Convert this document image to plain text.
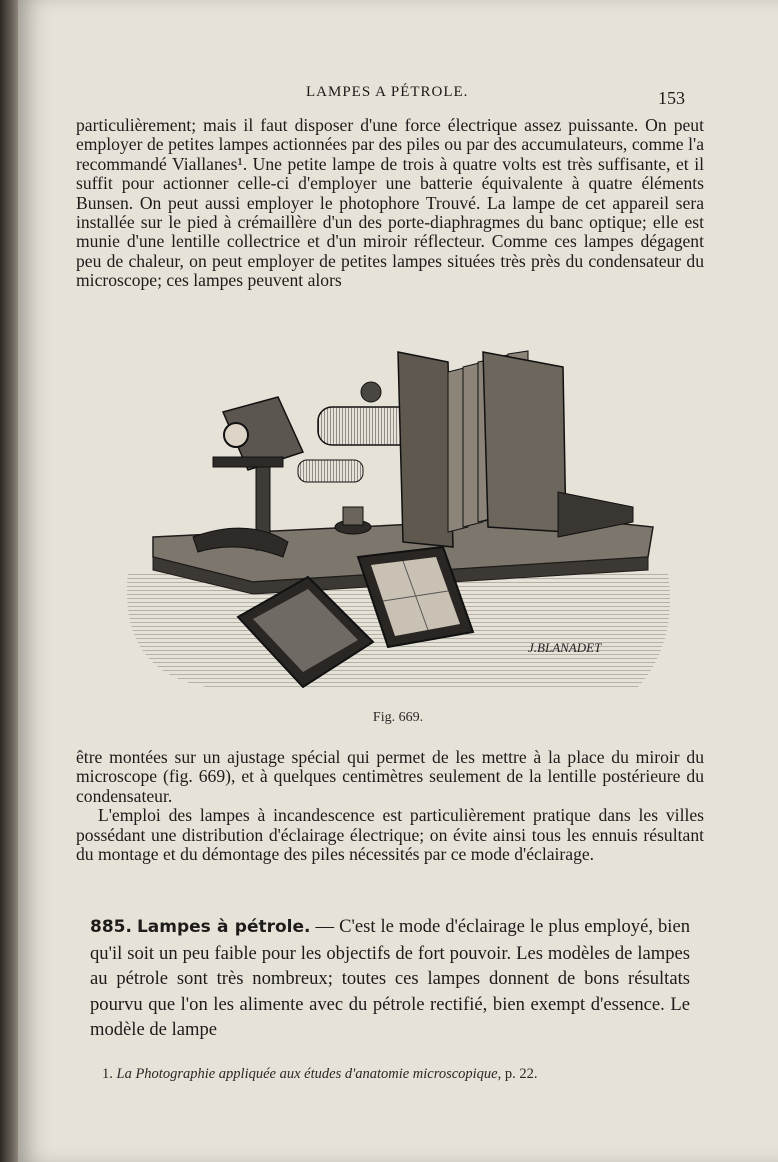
LAMPES A PÉTROLE.	153

particulièrement; mais il faut disposer d'une force électrique assez puissante. On peut employer de petites lampes actionnées par des piles ou par des accumulateurs, comme l'a recommandé Viallanes¹. Une petite lampe de trois à quatre volts est très suffisante, et il suffit pour actionner celle-ci d'employer une batterie équivalente à quatre éléments Bunsen. On peut aussi employer le photophore Trouvé. La lampe de cet appareil sera installée sur le pied à crémaillère d'un des porte-diaphragmes du banc optique; elle est munie d'une lentille collectrice et d'un miroir réflecteur. Comme ces lampes dégagent peu de chaleur, on peut employer de petites lampes situées très près du condensateur du microscope; ces lampes peuvent alors

J.BLANADET
Fig. 669.

être montées sur un ajustage spécial qui permet de les mettre à la place du miroir du microscope (fig. 669), et à quelques centimètres seulement de la lentille postérieure du condensateur.

L'emploi des lampes à incandescence est particulièrement pratique dans les villes possédant une distribution d'éclairage électrique; on évite ainsi tous les ennuis résultant du montage et du démontage des piles nécessités par ce mode d'éclairage.

885. Lampes à pétrole. — C'est le mode d'éclairage le plus employé, bien qu'il soit un peu faible pour les objectifs de fort pouvoir. Les modèles de lampes au pétrole sont très nombreux; toutes ces lampes donnent de bons résultats pourvu que l'on les alimente avec du pétrole rectifié, bien exempt d'essence. Le modèle de lampe
1. La Photographie appliquée aux études d'anatomie microscopique, p. 22.
